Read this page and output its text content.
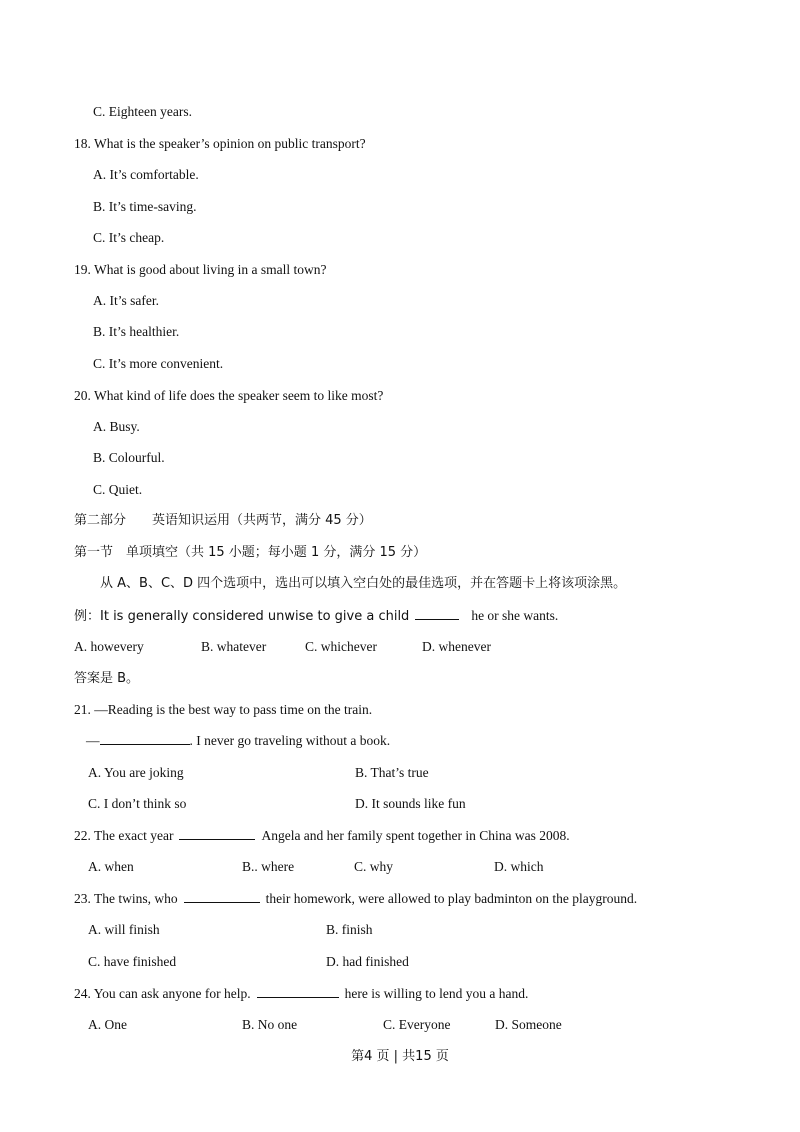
C. Eighteen years.
18. What is the speaker’s opinion on public transport?
A. It’s comfortable.
B. It’s time-saving.
C. It’s cheap.
19. What is good about living in a small town?
A. It’s safer.
B. It’s healthier.
C. It’s more convenient.
20. What kind of life does the speaker seem to like most?
A. Busy.
B. Colourful.
C. Quiet.
第二部分　　英语知识运用（共两节，满分 45 分）
第一节　单项填空（共 15 小题；每小题 1 分，满分 15 分）
从 A、B、C、D 四个选项中，选出可以填入空白处的最佳选项，并在答题卡上将该项涂黑。
例：It is generally considered unwise to give a child	he or she wants.
A. howevery	B. whatever	C. whichever	D. whenever
答案是 B。
21. —Reading is the best way to pass time on the train.
—	. I never go traveling without a book.
A. You are joking	B. That’s true
C. I don’t think so	D. It sounds like fun
22. The exact year	Angela and her family spent together in China was 2008.
A. when	B.. where	C. why	D. which
23. The twins, who	their homework, were allowed to play badminton on the playground.
A. will finish	B. finish
C. have finished	D. had finished
24. You can ask anyone for help.	here is willing to lend you a hand.
A. One	B. No one	C. Everyone	D. Someone
第4 页 | 共15 页
